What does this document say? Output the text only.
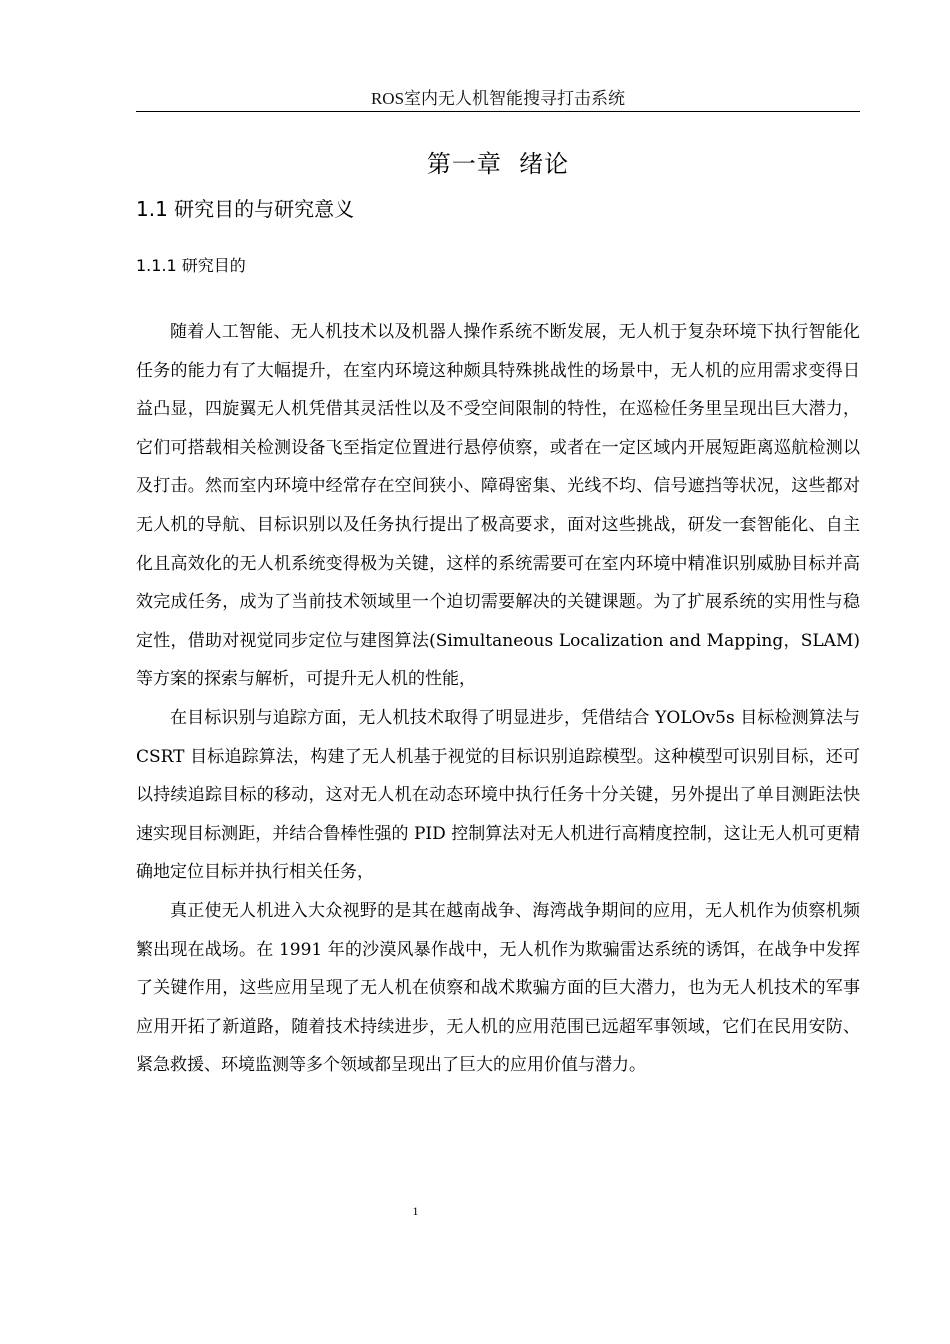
ROS室内无人机智能搜寻打击系统
第一章  绪论
1.1 研究目的与研究意义
1.1.1 研究目的

随着人工智能、无人机技术以及机器人操作系统不断发展，无人机于复杂环境下执行智能化任务的能力有了大幅提升，在室内环境这种颇具特殊挑战性的场景中，无人机的应用需求变得日益凸显，四旋翼无人机凭借其灵活性以及不受空间限制的特性，在巡检任务里呈现出巨大潜力，它们可搭载相关检测设备飞至指定位置进行悬停侦察，或者在一定区域内开展短距离巡航检测以及打击。然而室内环境中经常存在空间狭小、障碍密集、光线不均、信号遮挡等状况，这些都对无人机的导航、目标识别以及任务执行提出了极高要求，面对这些挑战，研发一套智能化、自主化且高效化的无人机系统变得极为关键，这样的系统需要可在室内环境中精准识别威胁目标并高效完成任务，成为了当前技术领域里一个迫切需要解决的关键课题。为了扩展系统的实用性与稳定性，借助对视觉同步定位与建图算法(Simultaneous Localization and Mapping，SLAM)等方案的探索与解析，可提升无人机的性能，

在目标识别与追踪方面，无人机技术取得了明显进步，凭借结合 YOLOv5s 目标检测算法与 CSRT 目标追踪算法，构建了无人机基于视觉的目标识别追踪模型。这种模型可识别目标，还可以持续追踪目标的移动，这对无人机在动态环境中执行任务十分关键，另外提出了单目测距法快速实现目标测距，并结合鲁棒性强的 PID 控制算法对无人机进行高精度控制，这让无人机可更精确地定位目标并执行相关任务，

真正使无人机进入大众视野的是其在越南战争、海湾战争期间的应用，无人机作为侦察机频繁出现在战场。在 1991 年的沙漠风暴作战中，无人机作为欺骗雷达系统的诱饵，在战争中发挥了关键作用，这些应用呈现了无人机在侦察和战术欺骗方面的巨大潜力，也为无人机技术的军事应用开拓了新道路，随着技术持续进步，无人机的应用范围已远超军事领域，它们在民用安防、紧急救援、环境监测等多个领域都呈现出了巨大的应用价值与潜力。

1
